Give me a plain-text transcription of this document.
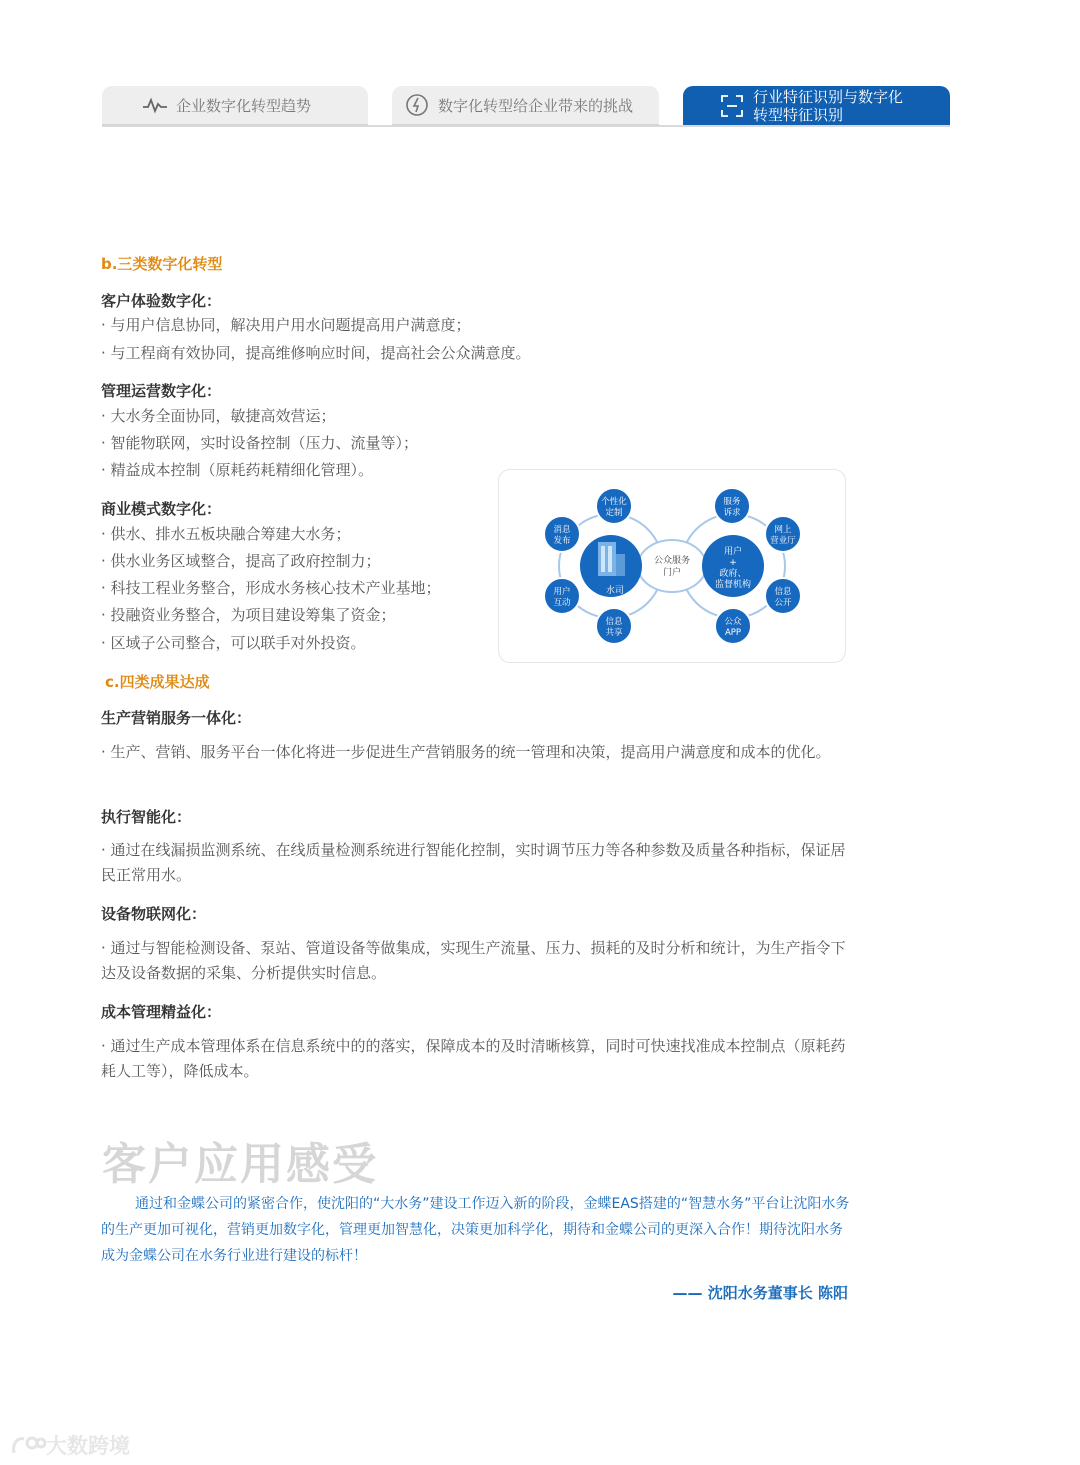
企业数字化转型趋势	数字化转型给企业带来的挑战	行业特征识别与数字化
转型特征识别
b.三类数字化转型
客户体验数字化：
· 与用户信息协同，解决用户用水问题提高用户满意度；
· 与工程商有效协同，提高维修响应时间，提高社会公众满意度。
管理运营数字化：
· 大水务全面协同，敏捷高效营运；
· 智能物联网，实时设备控制（压力、流量等）；
· 精益成本控制（原耗药耗精细化管理）。
商业模式数字化：
· 供水、排水五板块融合筹建大水务；
· 供水业务区域整合，提高了政府控制力；
· 科技工程业务整合，形成水务核心技术产业基地；
· 投融资业务整合，为项目建设筹集了资金；
· 区域子公司整合，可以联手对外投资。
公众服务
门户
水司
用户
+
政府、
监督机构
个性化
定制
消息
发布
用户
互动
信息
共享
服务
诉求
网上
营业厅
信息
公开
公众
APP
c.四类成果达成
生产营销服务一体化：
· 生产、营销、服务平台一体化将进一步促进生产营销服务的统一管理和决策，提高用户满意度和成本的优化。
执行智能化：
· 通过在线漏损监测系统、在线质量检测系统进行智能化控制，实时调节压力等各种参数及质量各种指标，保证居民正常用水。
设备物联网化：
· 通过与智能检测设备、泵站、管道设备等做集成，实现生产流量、压力、损耗的及时分析和统计，为生产指令下达及设备数据的采集、分析提供实时信息。
成本管理精益化：
· 通过生产成本管理体系在信息系统中的的落实，保障成本的及时清晰核算，同时可快速找准成本控制点（原耗药耗人工等），降低成本。
客户应用感受
通过和金蝶公司的紧密合作，使沈阳的“大水务”建设工作迈入新的阶段，金蝶EAS搭建的“智慧水务”平台让沈阳水务的生产更加可视化，营销更加数字化，管理更加智慧化，决策更加科学化，期待和金蝶公司的更深入合作！期待沈阳水务成为金蝶公司在水务行业进行建设的标杆！
—— 沈阳水务董事长 陈阳
大数跨境
